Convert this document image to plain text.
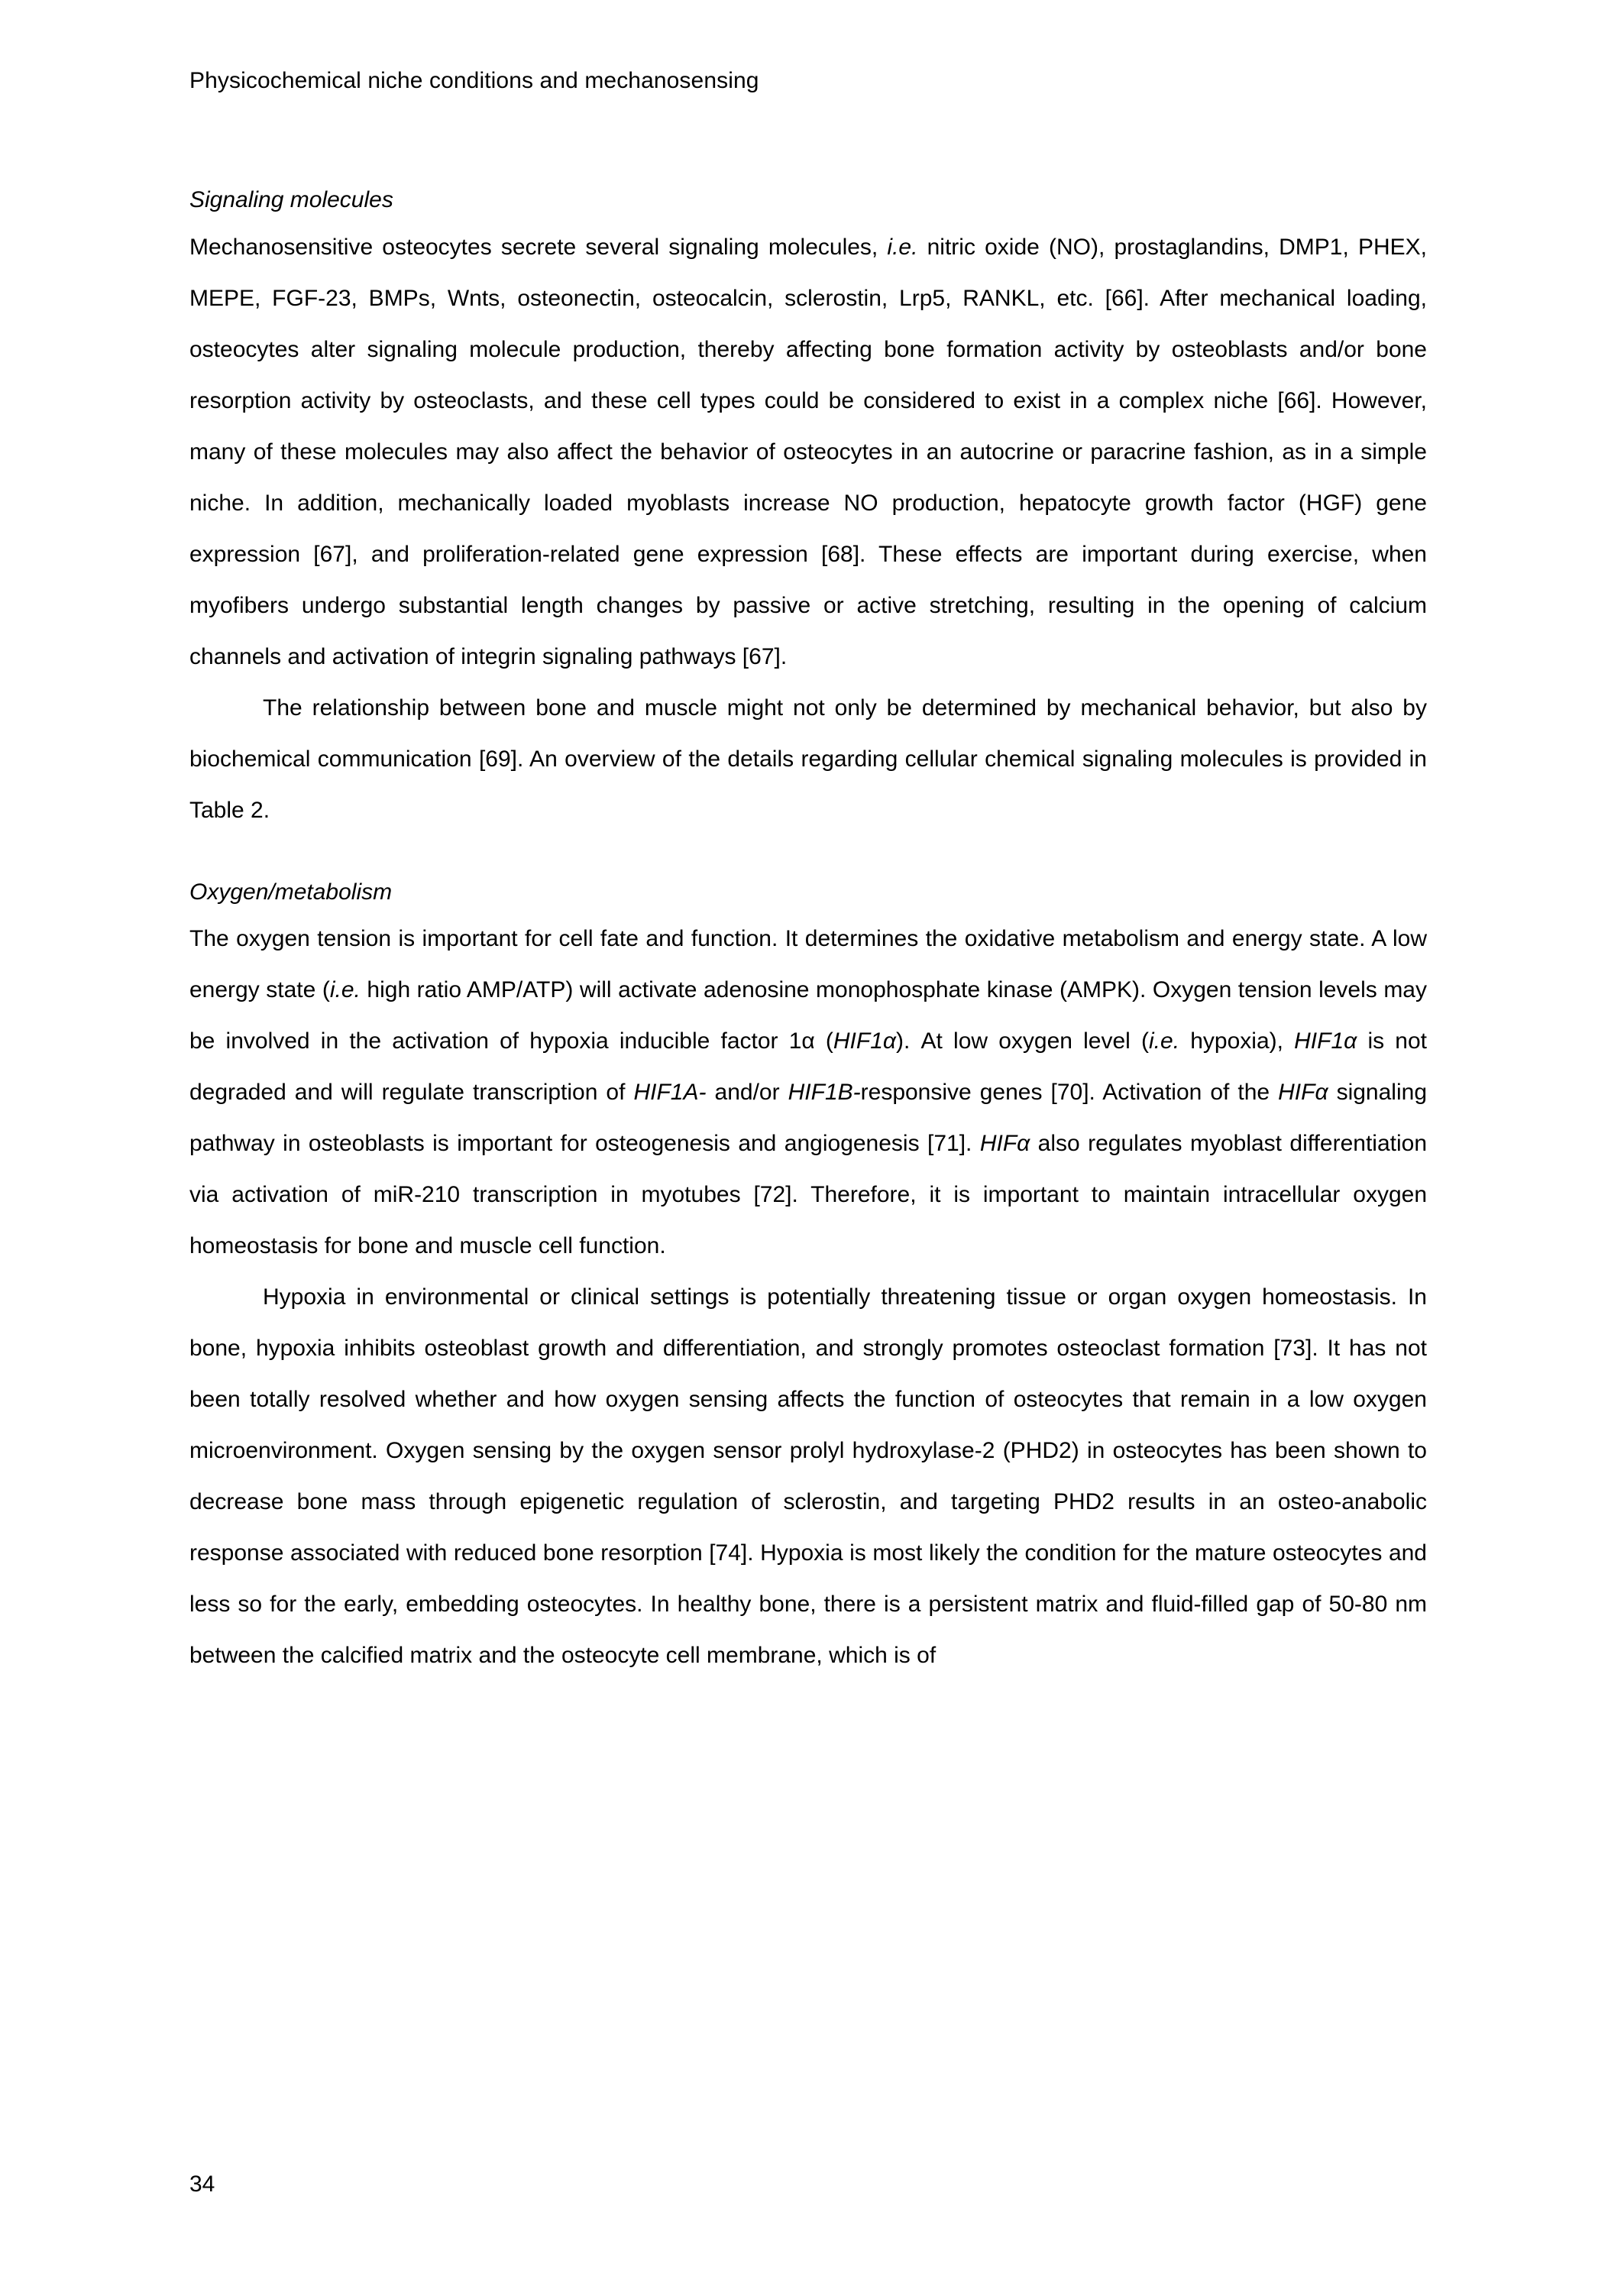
Physicochemical niche conditions and mechanosensing
Signaling molecules

Mechanosensitive osteocytes secrete several signaling molecules, i.e. nitric oxide (NO), prostaglandins, DMP1, PHEX, MEPE, FGF-23, BMPs, Wnts, osteonectin, osteocalcin, sclerostin, Lrp5, RANKL, etc. [66]. After mechanical loading, osteocytes alter signaling molecule production, thereby affecting bone formation activity by osteoblasts and/or bone resorption activity by osteoclasts, and these cell types could be considered to exist in a complex niche [66]. However, many of these molecules may also affect the behavior of osteocytes in an autocrine or paracrine fashion, as in a simple niche. In addition, mechanically loaded myoblasts increase NO production, hepatocyte growth factor (HGF) gene expression [67], and proliferation-related gene expression [68]. These effects are important during exercise, when myofibers undergo substantial length changes by passive or active stretching, resulting in the opening of calcium channels and activation of integrin signaling pathways [67].

The relationship between bone and muscle might not only be determined by mechanical behavior, but also by biochemical communication [69]. An overview of the details regarding cellular chemical signaling molecules is provided in Table 2.

Oxygen/metabolism

The oxygen tension is important for cell fate and function. It determines the oxidative metabolism and energy state. A low energy state (i.e. high ratio AMP/ATP) will activate adenosine monophosphate kinase (AMPK). Oxygen tension levels may be involved in the activation of hypoxia inducible factor 1α (HIF1α). At low oxygen level (i.e. hypoxia), HIF1α is not degraded and will regulate transcription of HIF1A- and/or HIF1B-responsive genes [70]. Activation of the HIFα signaling pathway in osteoblasts is important for osteogenesis and angiogenesis [71]. HIFα also regulates myoblast differentiation via activation of miR-210 transcription in myotubes [72]. Therefore, it is important to maintain intracellular oxygen homeostasis for bone and muscle cell function.

Hypoxia in environmental or clinical settings is potentially threatening tissue or organ oxygen homeostasis. In bone, hypoxia inhibits osteoblast growth and differentiation, and strongly promotes osteoclast formation [73]. It has not been totally resolved whether and how oxygen sensing affects the function of osteocytes that remain in a low oxygen microenvironment. Oxygen sensing by the oxygen sensor prolyl hydroxylase-2 (PHD2) in osteocytes has been shown to decrease bone mass through epigenetic regulation of sclerostin, and targeting PHD2 results in an osteo-anabolic response associated with reduced bone resorption [74]. Hypoxia is most likely the condition for the mature osteocytes and less so for the early, embedding osteocytes. In healthy bone, there is a persistent matrix and fluid-filled gap of 50-80 nm between the calcified matrix and the osteocyte cell membrane, which is of

34
